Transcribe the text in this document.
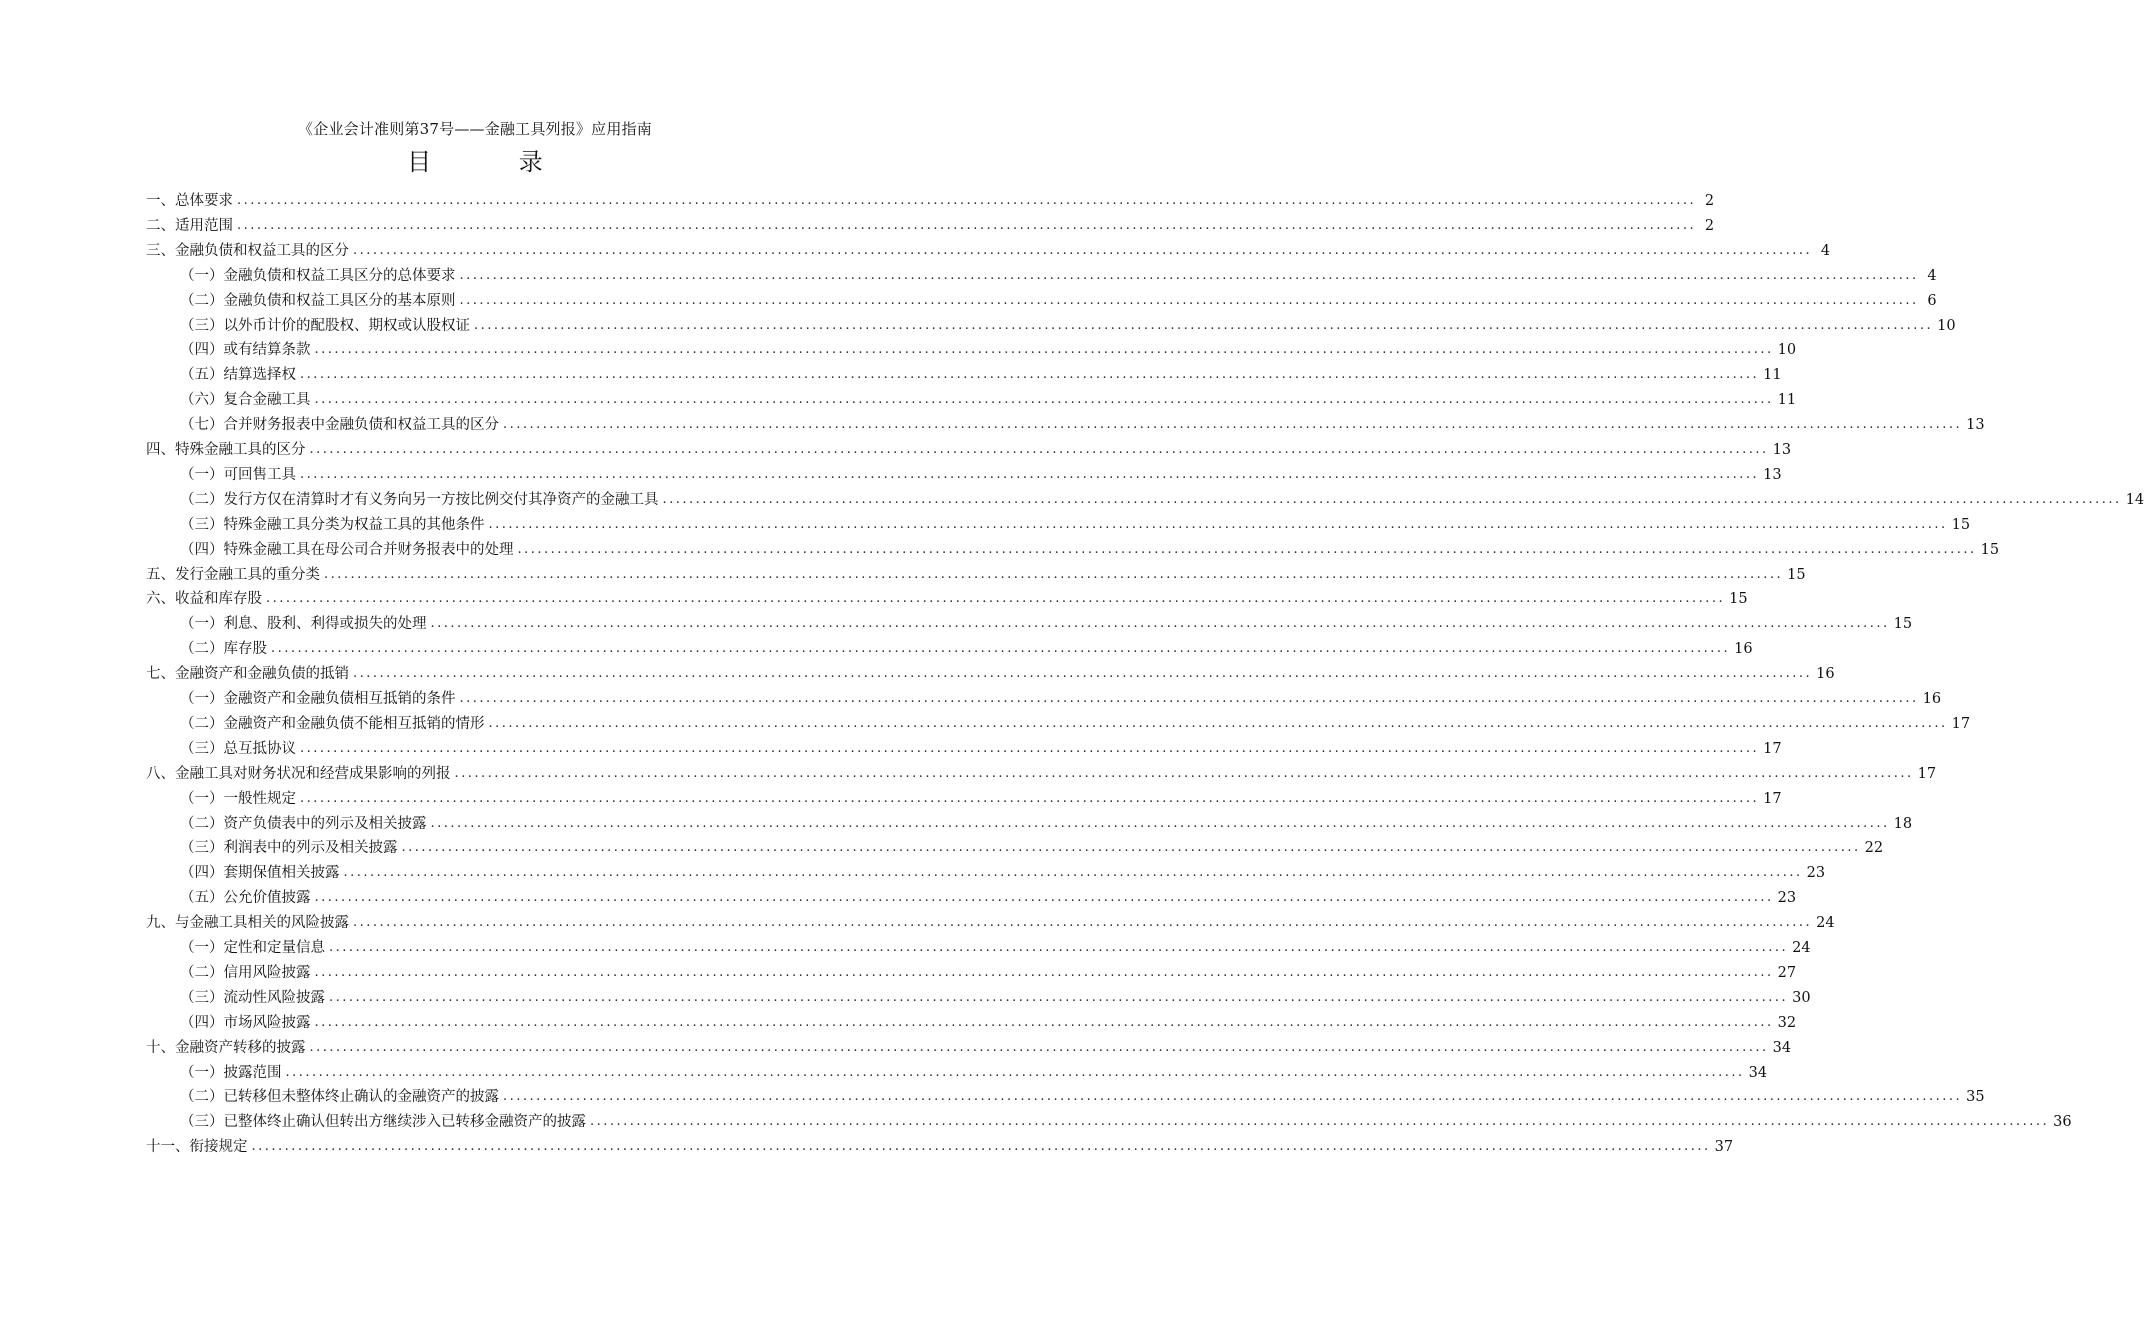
《企业会计准则第37号——金融工具列报》应用指南
目 录
一、总体要求 ............................................................................................................................................................................................................................ 2
二、适用范围 ............................................................................................................................................................................................................................ 2
三、金融负债和权益工具的区分 ............................................................................................................................................................................................................................ 4
（一）金融负债和权益工具区分的总体要求 ............................................................................................................................................................................................................................ 4
（二）金融负债和权益工具区分的基本原则 ............................................................................................................................................................................................................................ 6
（三）以外币计价的配股权、期权或认股权证 ............................................................................................................................................................................................................................ 10
（四）或有结算条款 ............................................................................................................................................................................................................................ 10
（五）结算选择权 ............................................................................................................................................................................................................................ 11
（六）复合金融工具 ............................................................................................................................................................................................................................ 11
（七）合并财务报表中金融负债和权益工具的区分 ............................................................................................................................................................................................................................ 13
四、特殊金融工具的区分 ............................................................................................................................................................................................................................ 13
（一）可回售工具 ............................................................................................................................................................................................................................ 13
（二）发行方仅在清算时才有义务向另一方按比例交付其净资产的金融工具 ............................................................................................................................................................................................................................ 14
（三）特殊金融工具分类为权益工具的其他条件 ............................................................................................................................................................................................................................ 15
（四）特殊金融工具在母公司合并财务报表中的处理 ............................................................................................................................................................................................................................ 15
五、发行金融工具的重分类 ............................................................................................................................................................................................................................ 15
六、收益和库存股 ............................................................................................................................................................................................................................ 15
（一）利息、股利、利得或损失的处理 ............................................................................................................................................................................................................................ 15
（二）库存股 ............................................................................................................................................................................................................................ 16
七、金融资产和金融负债的抵销 ............................................................................................................................................................................................................................ 16
（一）金融资产和金融负债相互抵销的条件 ............................................................................................................................................................................................................................ 16
（二）金融资产和金融负债不能相互抵销的情形 ............................................................................................................................................................................................................................ 17
（三）总互抵协议 ............................................................................................................................................................................................................................ 17
八、金融工具对财务状况和经营成果影响的列报 ............................................................................................................................................................................................................................ 17
（一）一般性规定 ............................................................................................................................................................................................................................ 17
（二）资产负债表中的列示及相关披露 ............................................................................................................................................................................................................................ 18
（三）利润表中的列示及相关披露 ............................................................................................................................................................................................................................ 22
（四）套期保值相关披露 ............................................................................................................................................................................................................................ 23
（五）公允价值披露 ............................................................................................................................................................................................................................ 23
九、与金融工具相关的风险披露 ............................................................................................................................................................................................................................ 24
（一）定性和定量信息 ............................................................................................................................................................................................................................ 24
（二）信用风险披露 ............................................................................................................................................................................................................................ 27
（三）流动性风险披露 ............................................................................................................................................................................................................................ 30
（四）市场风险披露 ............................................................................................................................................................................................................................ 32
十、金融资产转移的披露 ............................................................................................................................................................................................................................ 34
（一）披露范围 ............................................................................................................................................................................................................................ 34
（二）已转移但未整体终止确认的金融资产的披露 ............................................................................................................................................................................................................................ 35
（三）已整体终止确认但转出方继续涉入已转移金融资产的披露 ............................................................................................................................................................................................................................ 36
十一、衔接规定 ............................................................................................................................................................................................................................ 37
